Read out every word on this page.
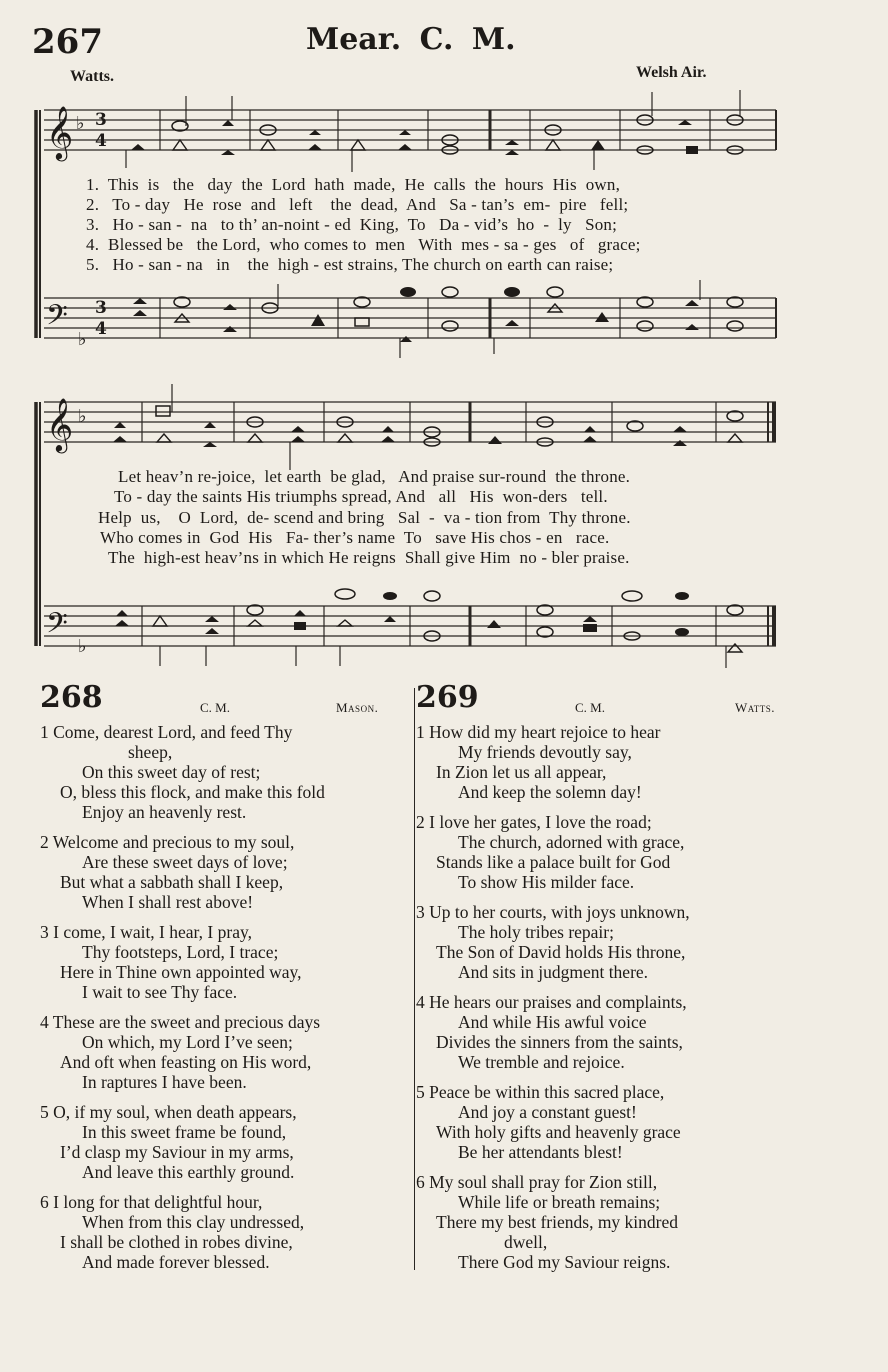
267	Mear. C. M.
Watts.	Welsh Air.
𝄞
𝄢
♭
♭
3
4
3
4
1.  This  is   the   day  the  Lord  hath  made,  He  calls  the  hours  His  own,
2.   To - day   He  rose  and   left    the  dead,  And   Sa - tan’s  em-  pire   fell;
3.   Ho - san -  na   to th’ an-noint - ed  King,  To   Da - vid’s  ho  -  ly   Son;
4.  Blessed be   the Lord,  who comes to  men   With  mes - sa - ges   of   grace;
5.   Ho - san - na   in    the  high - est strains, The church on earth can raise;
𝄞
𝄢
♭
♭
Let heav’n re-joice,  let earth  be glad,   And praise sur-round  the throne.
To - day the saints His triumphs spread, And   all   His  won-ders   tell.
Help  us,    O  Lord,  de- scend and bring   Sal  -  va - tion from  Thy throne.
Who comes in  God  His   Fa- ther’s name  To   save His chos - en   race.
The  high-est heav’ns in which He reigns  Shall give Him  no - bler praise.
268	C. M.	Mason.
1 Come, dearest Lord, and feed Thy
sheep,
On this sweet day of rest;
O, bless this flock, and make this fold
Enjoy an heavenly rest.
2 Welcome and precious to my soul,
Are these sweet days of love;
But what a sabbath shall I keep,
When I shall rest above!
3 I come, I wait, I hear, I pray,
Thy footsteps, Lord, I trace;
Here in Thine own appointed way,
I wait to see Thy face.
4 These are the sweet and precious days
On which, my Lord I’ve seen;
And oft when feasting on His word,
In raptures I have been.
5 O, if my soul, when death appears,
In this sweet frame be found,
I’d clasp my Saviour in my arms,
And leave this earthly ground.
6 I long for that delightful hour,
When from this clay undressed,
I shall be clothed in robes divine,
And made forever blessed.
269	C. M.	Watts.
1 How did my heart rejoice to hear
My friends devoutly say,
In Zion let us all appear,
And keep the solemn day!
2 I love her gates, I love the road;
The church, adorned with grace,
Stands like a palace built for God
To show His milder face.
3 Up to her courts, with joys unknown,
The holy tribes repair;
The Son of David holds His throne,
And sits in judgment there.
4 He hears our praises and complaints,
And while His awful voice
Divides the sinners from the saints,
We tremble and rejoice.
5 Peace be within this sacred place,
And joy a constant guest!
With holy gifts and heavenly grace
Be her attendants blest!
6 My soul shall pray for Zion still,
While life or breath remains;
There my best friends, my kindred
dwell,
There God my Saviour reigns.
